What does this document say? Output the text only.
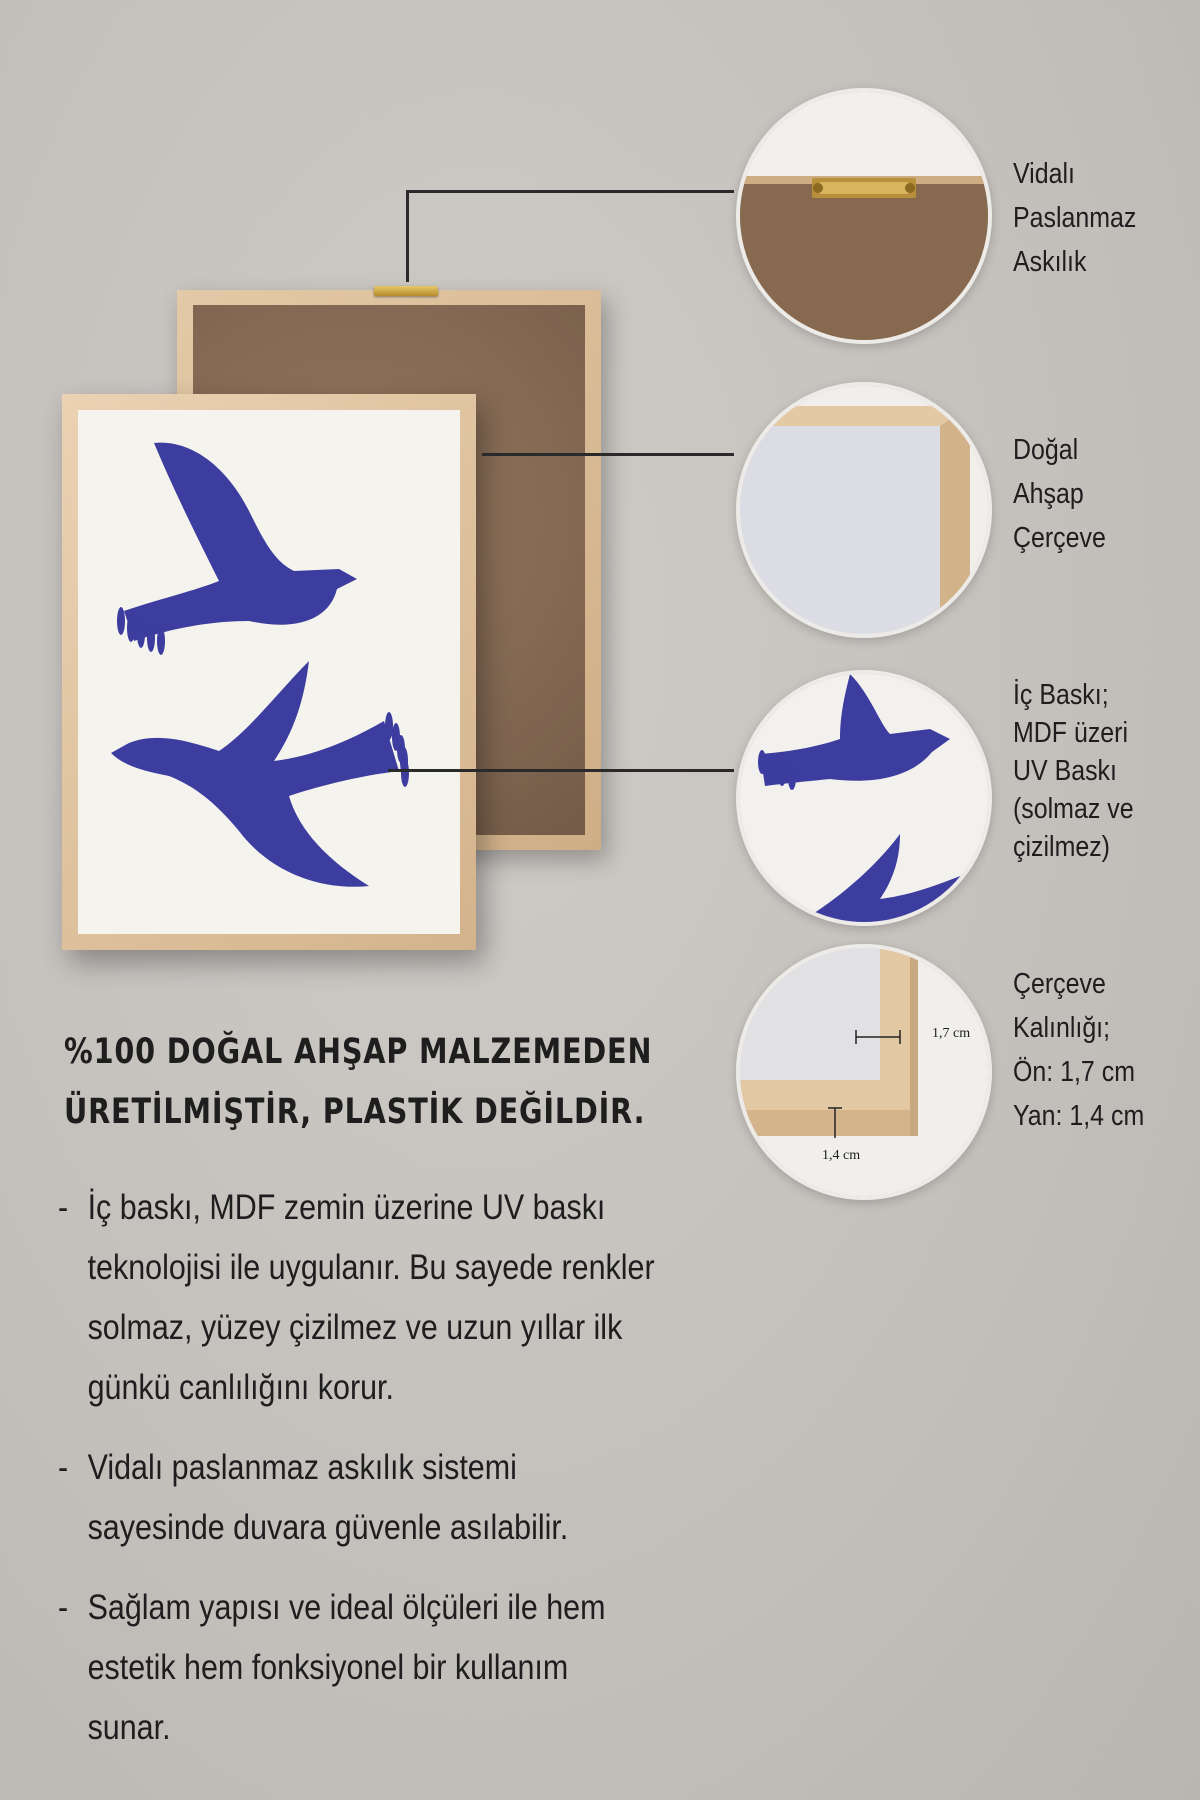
1,7 cm
1,4 cm
Vidalı
Paslanmaz
Askılık
Doğal
Ahşap
Çerçeve
İç Baskı;
MDF üzeri
UV Baskı
(solmaz ve
çizilmez)
Çerçeve
Kalınlığı;
Ön: 1,7 cm
Yan: 1,4 cm
%100 DOĞAL AHŞAP MALZEMEDEN
ÜRETİLMİŞTİR, PLASTİK DEĞİLDİR.
- İç baskı, MDF zemin üzerine UV baskı
teknolojisi ile uygulanır. Bu sayede renkler
solmaz, yüzey çizilmez ve uzun yıllar ilk
günkü canlılığını korur.
- Vidalı paslanmaz askılık sistemi
sayesinde duvara güvenle asılabilir.
- Sağlam yapısı ve ideal ölçüleri ile hem
estetik hem fonksiyonel bir kullanım
sunar.
